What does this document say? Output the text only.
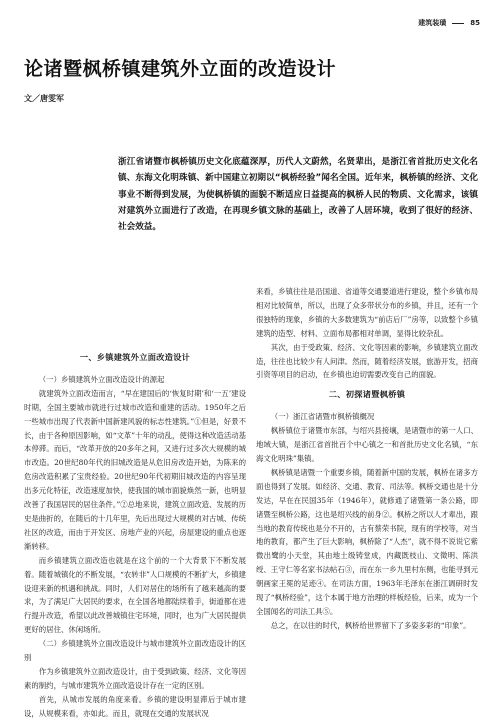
建筑装璜	85
论诸暨枫桥镇建筑外立面的改造设计
文／唐雯军

浙江省诸暨市枫桥镇历史文化底蕴深厚，历代人文蔚然，名贤辈出，是浙江省首批历史文化名镇、东海文化明珠镇、新中国建立初期以“枫桥经验”闻名全国。近年来，枫桥镇的经济、文化事业不断得到发展，为使枫桥镇的面貌不断适应日益提高的枫桥人民的物质、文化需求，该镇对建筑外立面进行了改造，在再现乡镇文脉的基础上，改善了人居环境，收到了很好的经济、社会效益。

一、乡镇建筑外立面改造设计

（一）乡镇建筑外立面改造设计的源起

就建筑外立面改造而言，“早在建国后的‘恢复时期’和‘一五’建设时期，全国主要城市就进行过城市改造和重建的活动。1950年之后一些城市出现了代表新中国新建风貌的标志性建筑。”①但是，好景不长，由于各种原因影响，如“文革”十年的动乱，使得这种改造活动基本停滞。而后，“改革开放的20多年之间，又进行过多次大规模的城市改造。20世纪80年代的旧城改造是从危旧房改造开始，为陈来的危房改造积累了宝贵经验。20世纪90年代初期旧城改造的内容呈现出多元化特征，改造速度加快，使我国的城市面貌焕然一新，也明显改善了我国居民的居住条件。”②总地来说，建筑立面改造、发展的历史是曲折的，在随后的十几年里，先后出现过大规模的对古城、传统社区的改造，而由于开发区、房地产业的兴起，房屋建设的重点也逐渐转移。

而乡镇建筑立面改造也就是在这个前的一个大背景下不断发展着。随着城镇化的不断发展，“农转非”人口规模的不断扩大，乡镇建设迎来新的机遇和挑战。同时，人们对居住的场所有了越来越高的要求，为了满足广大居民的要求，在全国各地都陆续着手，街道都在进行提升改造，希望以此改善城镇住宅环境，同时，也为广大居民提供更好的居住、休闲场所。

（二）乡镇建筑外立面改造设计与城市建筑外立面改造设计的区别

作为乡镇建筑外立面改造设计，由于受到政策、经济、文化等因素的制约，与城市建筑外立面改造设计存在一定的区别。

首先，从城市发展的角度来看。乡镇的建设明显滞后于城市建设，从规模来看，亦如此。而且，就现在交通的发展状况

来看，乡镇往往是沿国道、省道等交通要道进行建设，整个乡镇布局相对比较简单，所以，出现了众多带状分布的乡镇，并且，还有一个很独特的现象，乡镇的大多数建筑为“前店后厂”房等，以致整个乡镇建筑的造型、材料、立面布局都相对单调，显得比较杂乱。

其次，由于受政策、经济、文化等因素的影响，乡镇建筑立面改造，往往也比较少有人问津。然而，随着经济发展，旅游开发，招商引资等项目的启动，在乡镇也迫切需要改变自己的面貌。

二、初探诸暨枫桥镇

（一）浙江省诸暨市枫桥镇概况

枫桥镇位于诸暨市东部，与绍兴县接壤，是诸暨市的第一人口、地域大镇，是浙江省首批百个中心镇之一和首批历史文化名镇，“东海文化明珠”集镇。

枫桥镇是诸暨一个重要乡镇，随着新中国的发展，枫桥在诸多方面也得到了发展。如经济、交通、教育、司法等。枫桥交通也是十分发达，早在在民国35年（1946年），就修通了诸暨第一条公路，即诸暨至枫桥公路，这也是绍兴线的前身②。枫桥之所以人才辈出，跟当地的教育传统也是分不开的，古有蔡荣书院，现有的学校等，对当地的教育，都产生了巨大影响，枫桥除了“人杰”，就不得不说说它紫微出鹭的小天堂，其由地土级铸堂成，内藏既枝山、文徵明、陈洪绶、王守仁等名家书法帖石③，而在东一乡九里村东侧，也能寻到元朝画家王冕的足迹④。在司法方面，1963年毛泽东在浙江调研时发现了“枫桥经验”，这个本属于地方治理的样板经验，后来，成为一个全国闻名的司法工具⑤。

总之，在以往的时代，枫桥给世界留下了多姿多彩的“印象”。
